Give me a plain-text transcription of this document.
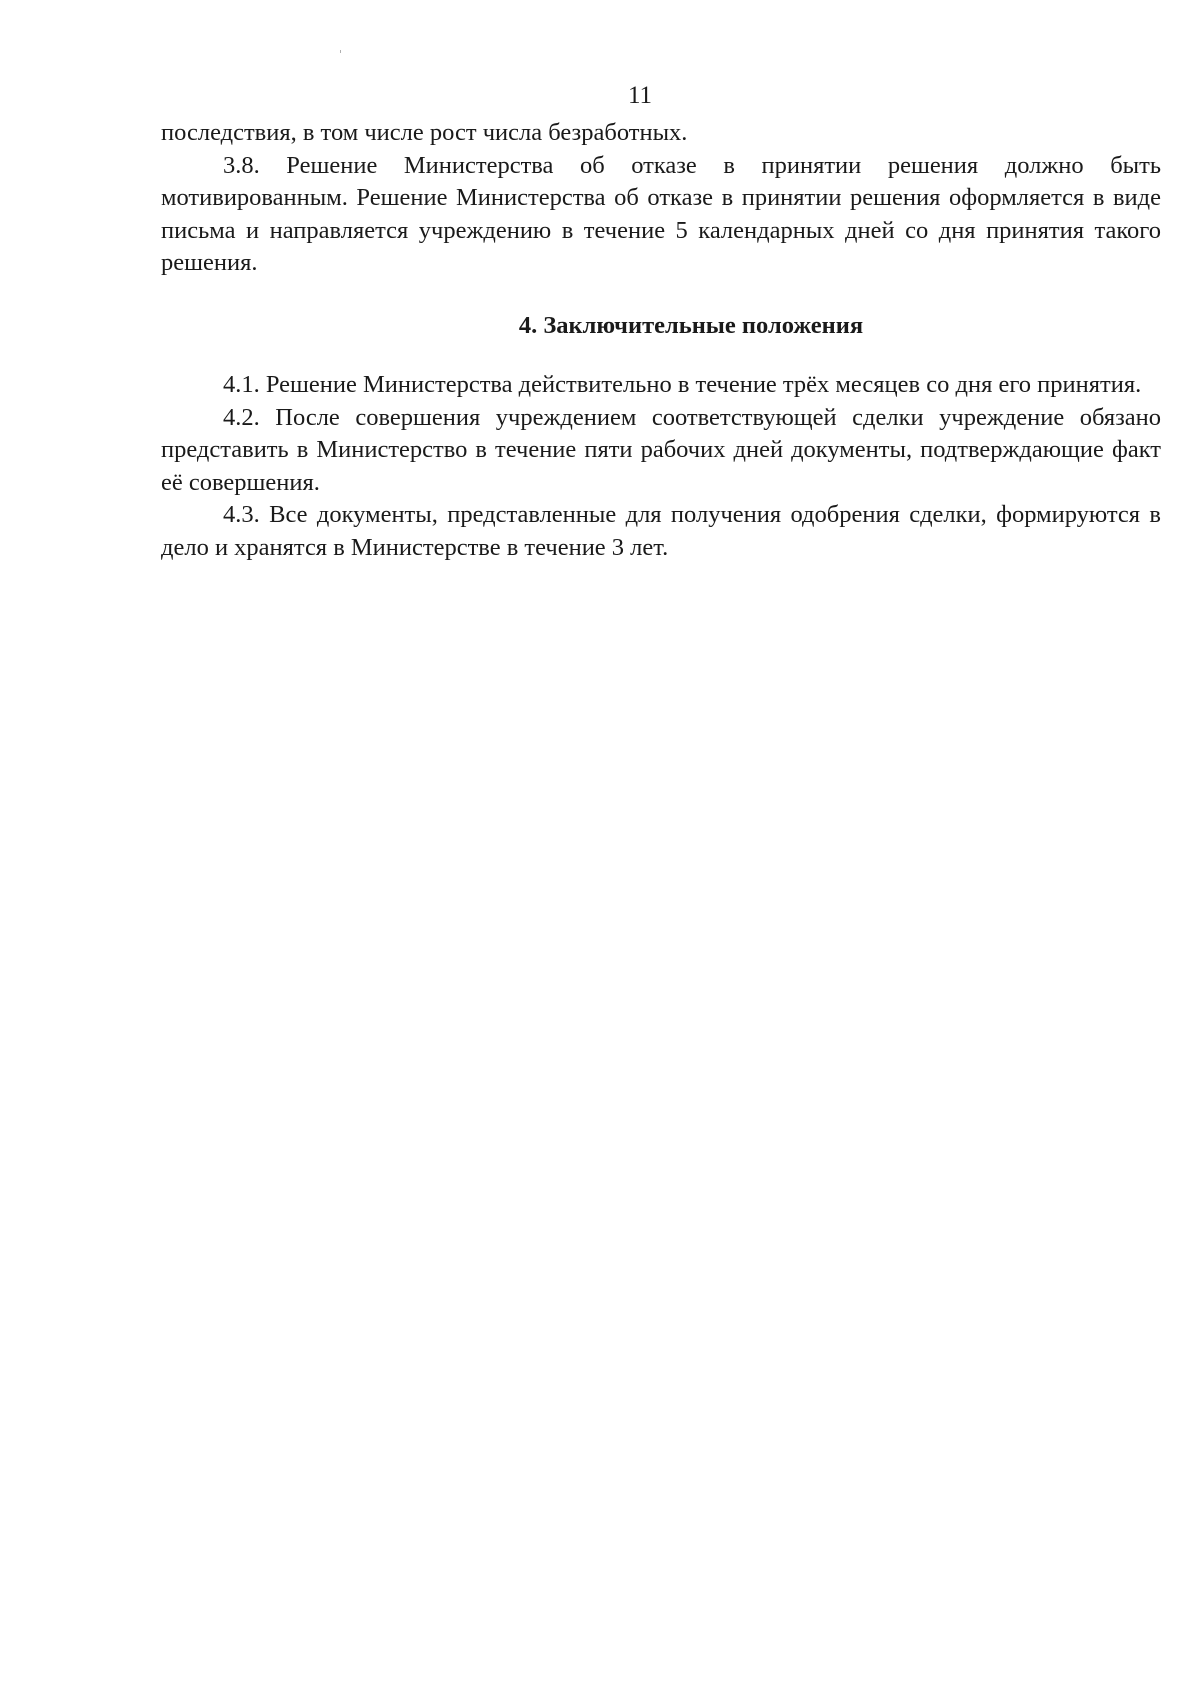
11

последствия, в том числе рост числа безработных.

3.8. Решение Министерства об отказе в принятии решения должно быть мотивированным. Решение Министерства об отказе в принятии решения оформляется в виде письма и направляется учреждению в течение 5 календарных дней со дня принятия такого решения.

4. Заключительные положения

4.1. Решение Министерства действительно в течение трёх месяцев со дня его принятия.

4.2. После совершения учреждением соответствующей сделки учреждение обязано представить в Министерство в течение пяти рабочих дней документы, подтверждающие факт её совершения.

4.3. Все документы, представленные для получения одобрения сделки, формируются в дело и хранятся в Министерстве в течение 3 лет.
